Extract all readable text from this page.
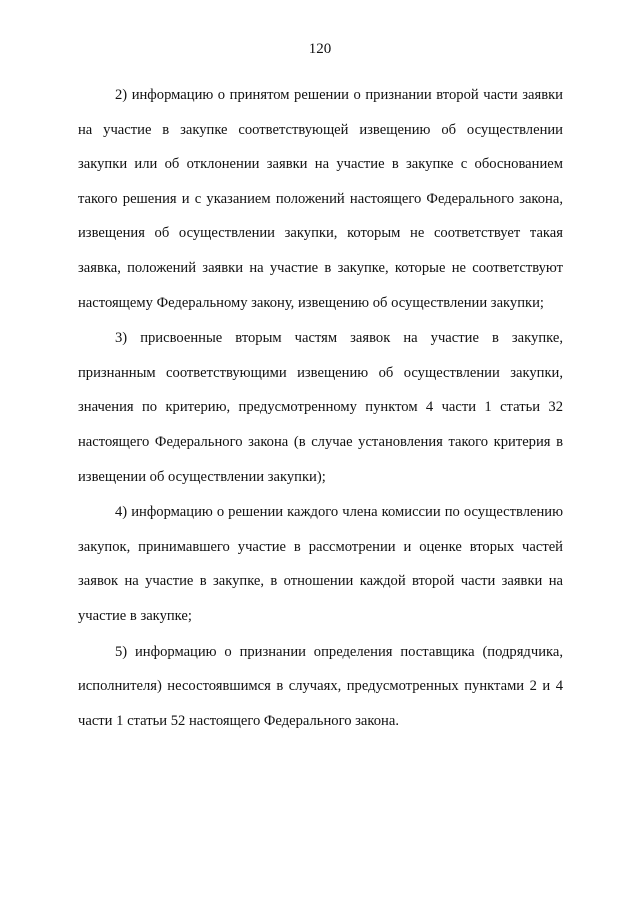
120

2) информацию о принятом решении о признании второй части заявки на участие в закупке соответствующей извещению об осуществлении закупки или об отклонении заявки на участие в закупке с обоснованием такого решения и с указанием положений настоящего Федерального закона, извещения об осуществлении закупки, которым не соответствует такая заявка, положений заявки на участие в закупке, которые не соответствуют настоящему Федеральному закону, извещению об осуществлении закупки;

3) присвоенные вторым частям заявок на участие в закупке, признанным соответствующими извещению об осуществлении закупки, значения по критерию, предусмотренному пунктом 4 части 1 статьи 32 настоящего Федерального закона (в случае установления такого критерия в извещении об осуществлении закупки);

4) информацию о решении каждого члена комиссии по осуществлению закупок, принимавшего участие в рассмотрении и оценке вторых частей заявок на участие в закупке, в отношении каждой второй части заявки на участие в закупке;

5) информацию о признании определения поставщика (подрядчика, исполнителя) несостоявшимся в случаях, предусмотренных пунктами 2 и 4 части 1 статьи 52 настоящего Федерального закона.
